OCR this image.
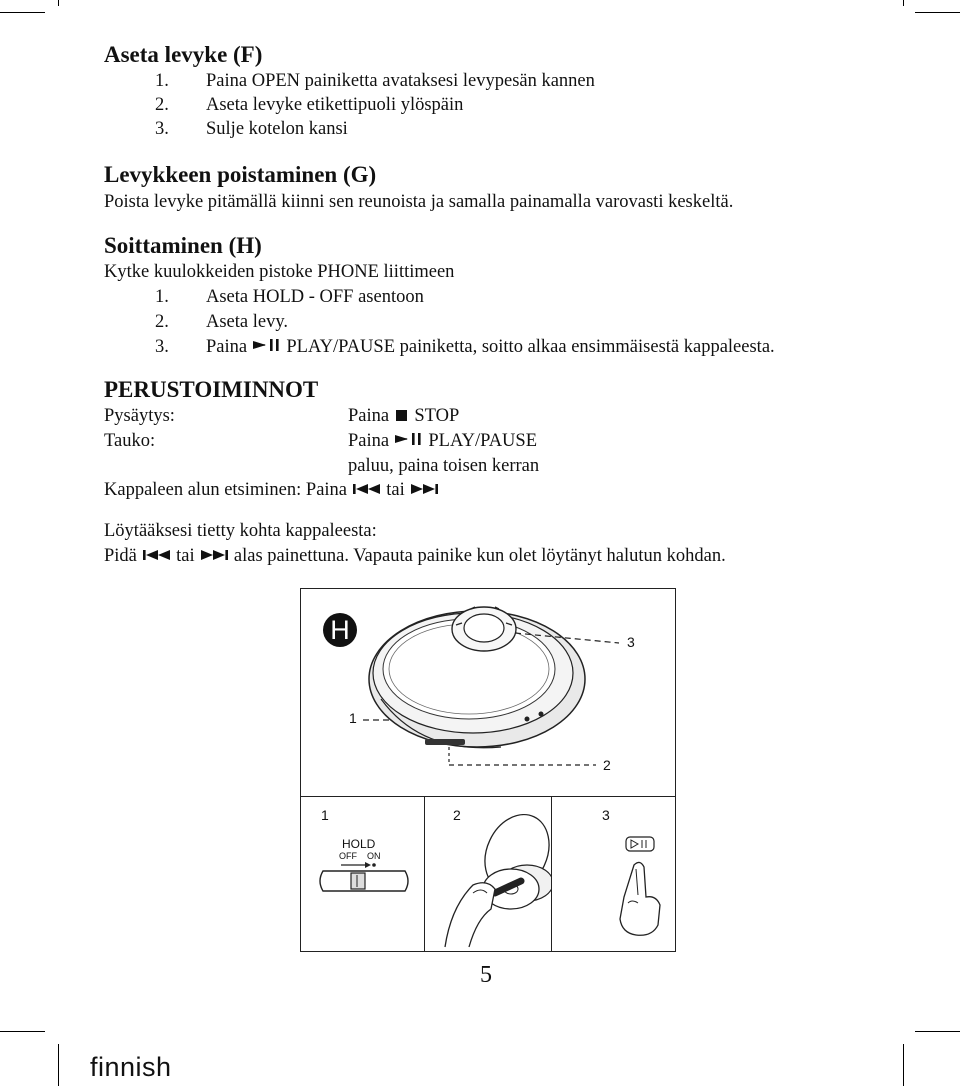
Aseta levyke (F)
1. Paina OPEN painiketta avataksesi levypesän kannen
2. Aseta levyke etikettipuoli ylöspäin
3. Sulje kotelon kansi
Levykkeen poistaminen (G)
Poista levyke pitämällä kiinni sen reunoista ja samalla painamalla varovasti keskeltä.
Soittaminen (H)
Kytke kuulokkeiden pistoke PHONE liittimeen
1. Aseta HOLD - OFF asentoon
2. Aseta levy.
3. Paina PLAY/PAUSE painiketta, soitto alkaa ensimmäisestä kappaleesta.
PERUSTOIMINNOT
Pysäytys:	Paina STOP
Tauko:	Paina PLAY/PAUSE
paluu, paina toisen kerran
Kappaleen alun etsiminen: Paina tai
Löytääksesi tietty kohta kappaleesta:
Pidä tai alas painettuna. Vapauta painike kun olet löytänyt halutun kohdan.
H	3
1
2
1
HOLD
OFF ON
2	3
5
finnish
